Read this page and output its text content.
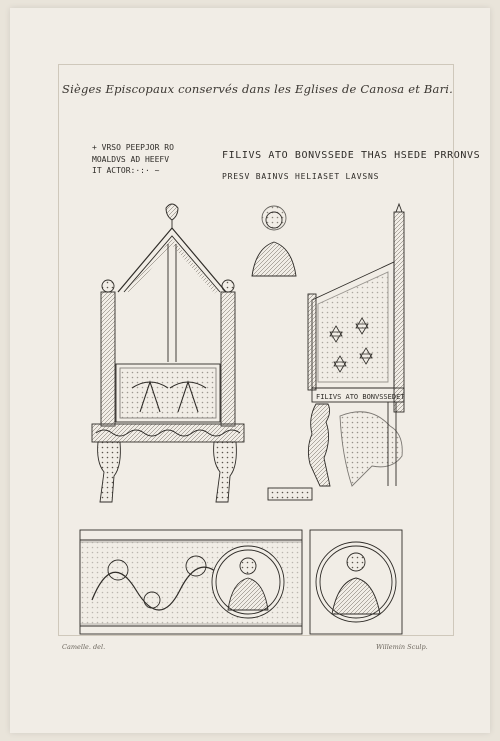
Sièges Episcopaux conservés dans les Eglises de Canosa et Bari.
+ VRSO PEEPJOR RO
MOALDVS AD HEEFV
IT ACTOR:·:· ~
FILIVS ATO BONVSSEDE THAS HSEDE PRRONVS
PRESV BAINVS HELIASET LAVSNS
FILIVS ATO BONVSSEDET
Camelle. del.	Willemin Sculp.
